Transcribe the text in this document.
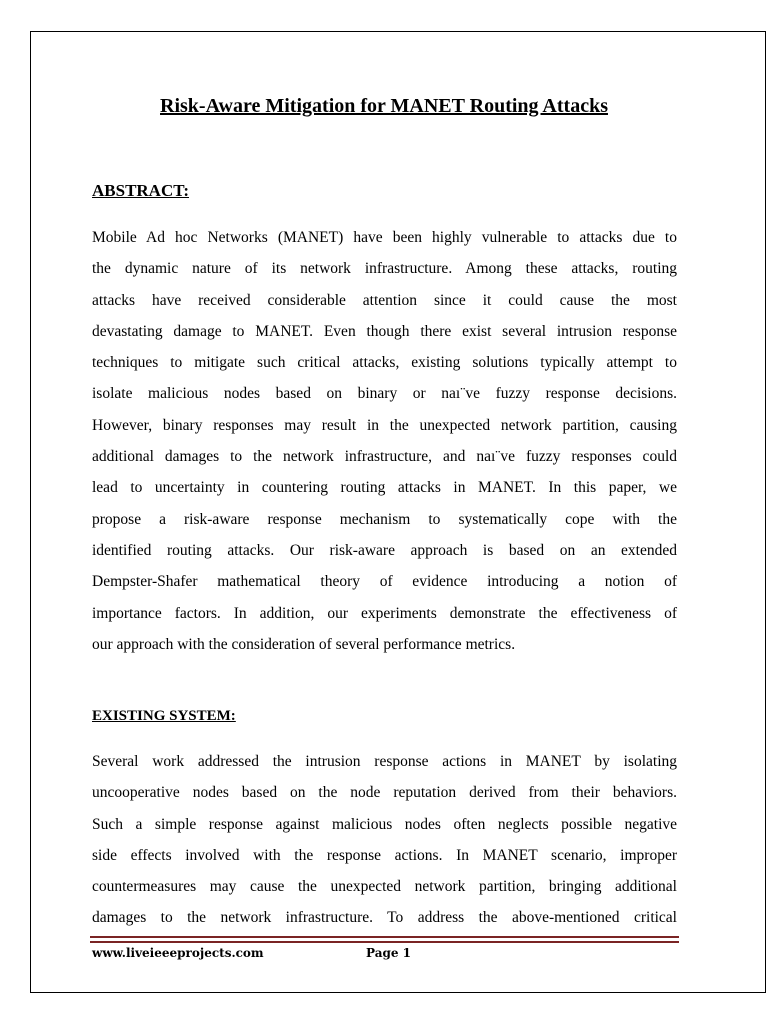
Risk-Aware Mitigation for MANET Routing Attacks
ABSTRACT:
Mobile Ad hoc Networks (MANET) have been highly vulnerable to attacks due to
the dynamic nature of its network infrastructure. Among these attacks, routing
attacks have received considerable attention since it could cause the most
devastating damage to MANET. Even though there exist several intrusion response
techniques to mitigate such critical attacks, existing solutions typically attempt to
isolate malicious nodes based on binary or naı¨ve fuzzy response decisions.
However, binary responses may result in the unexpected network partition, causing
additional damages to the network infrastructure, and naı¨ve fuzzy responses could
lead to uncertainty in countering routing attacks in MANET. In this paper, we
propose a risk-aware response mechanism to systematically cope with the
identified routing attacks. Our risk-aware approach is based on an extended
Dempster-Shafer mathematical theory of evidence introducing a notion of
importance factors. In addition, our experiments demonstrate the effectiveness of
our approach with the consideration of several performance metrics.
EXISTING SYSTEM:
Several work addressed the intrusion response actions in MANET by isolating
uncooperative nodes based on the node reputation derived from their behaviors.
Such a simple response against malicious nodes often neglects possible negative
side effects involved with the response actions. In MANET scenario, improper
countermeasures may cause the unexpected network partition, bringing additional
damages to the network infrastructure. To address the above-mentioned critical
www.liveieeeprojects.com	Page 1
